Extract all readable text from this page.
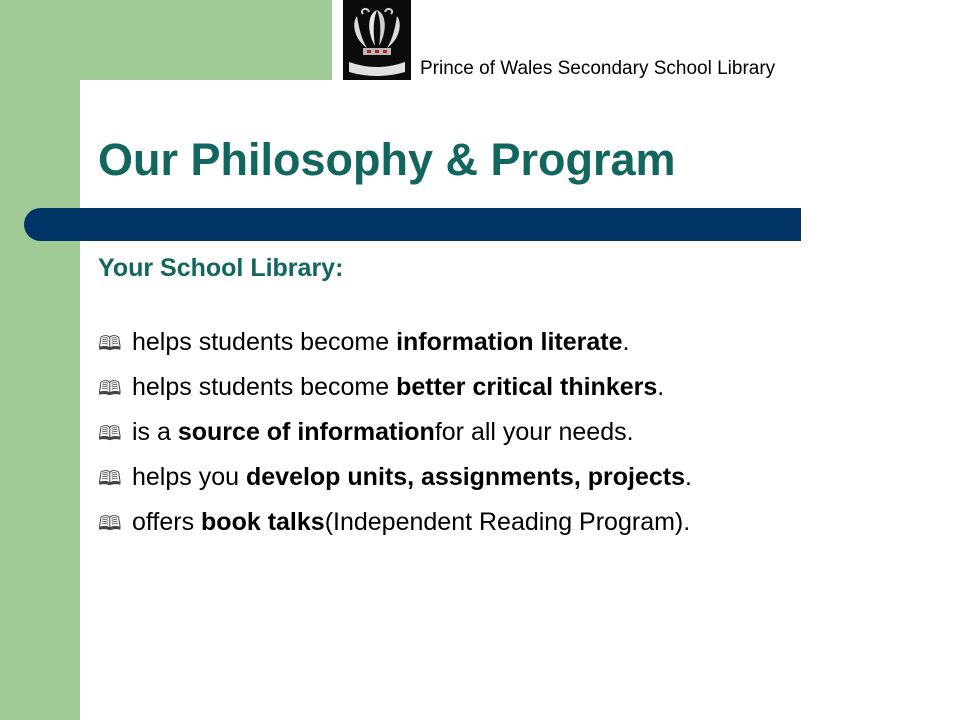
Prince of Wales Secondary School Library
Our Philosophy & Program
Your School Library:
🕮 helps students become
information literate .
🕮 helps students become
better critical thinkers .
🕮 is a
source of information for all your needs.
🕮 helps you
develop units, assignments, projects .
🕮 offers
book talks (Independent Reading Program).
